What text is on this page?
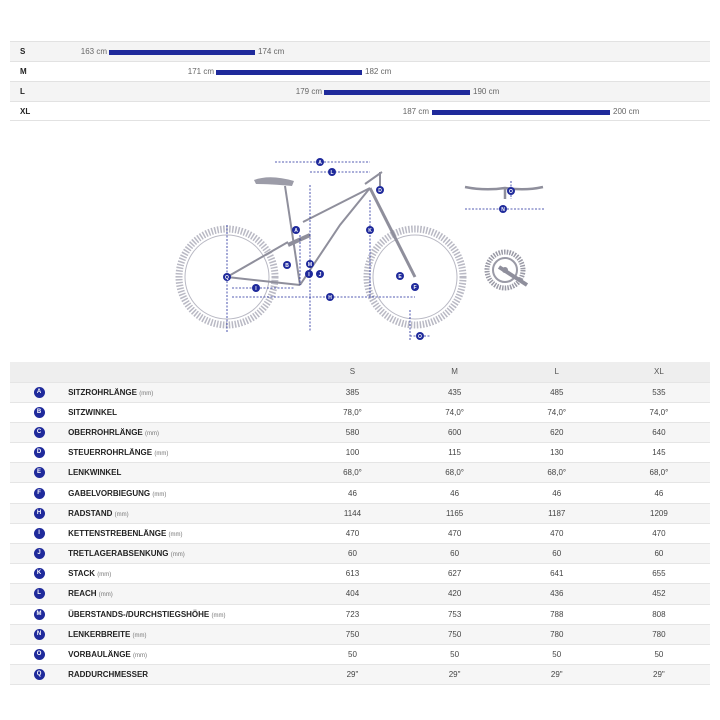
S	163 cm	174 cm
M	171 cm	182 cm
L	179 cm	190 cm
XL	187 cm	200 cm
A
L
D
A	K
M
B
I J
Q
I
E
F
H
O
N
O
		S	M	L	XL
A	SITZROHRLÄNGE (mm)	385	435	485	535
B	SITZWINKEL	78,0°	74,0°	74,0°	74,0°
C	OBERROHRLÄNGE (mm)	580	600	620	640
D	STEUERROHRLÄNGE (mm)	100	115	130	145
E	LENKWINKEL	68,0°	68,0°	68,0°	68,0°
F	GABELVORBIEGUNG (mm)	46	46	46	46
H	RADSTAND (mm)	1144	1165	1187	1209
I	KETTENSTREBENLÄNGE (mm)	470	470	470	470
J	TRETLAGERABSENKUNG (mm)	60	60	60	60
K	STACK (mm)	613	627	641	655
L	REACH (mm)	404	420	436	452
M	ÜBERSTANDS-/DURCHSTIEGSHÖHE (mm)	723	753	788	808
N	LENKERBREITE (mm)	750	750	780	780
O	VORBAULÄNGE (mm)	50	50	50	50
Q	RADDURCHMESSER	29"	29"	29"	29"
